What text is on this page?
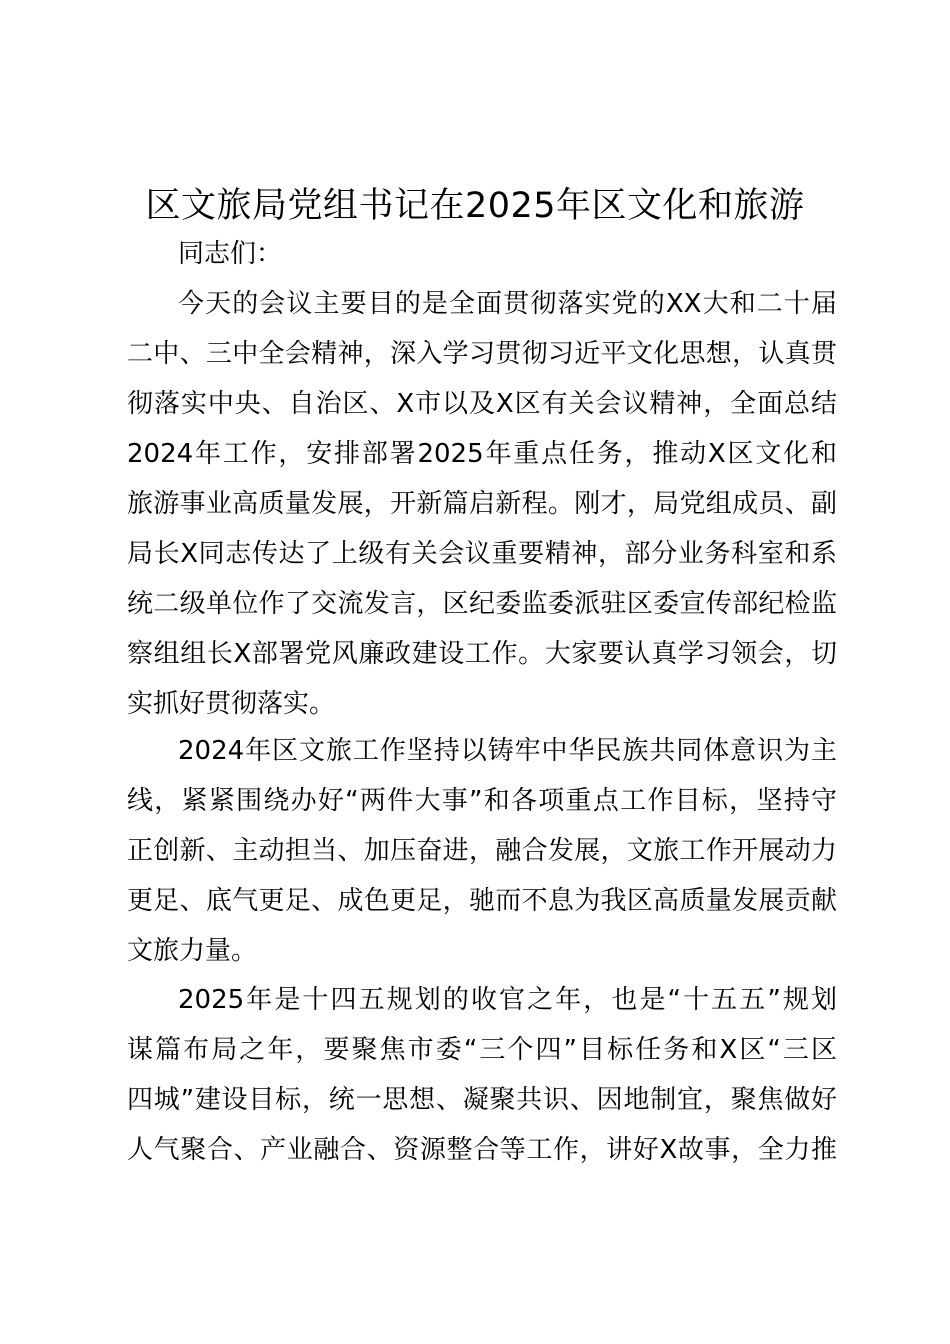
区文旅局党组书记在2025年区文化和旅游

同志们：

今天的会议主要目的是全面贯彻落实党的XX大和二十届
二中、三中全会精神，深入学习贯彻习近平文化思想，认真贯
彻落实中央、自治区、X市以及X区有关会议精神，全面总结
2024年工作，安排部署2025年重点任务，推动X区文化和
旅游事业高质量发展，开新篇启新程。刚才，局党组成员、副
局长X同志传达了上级有关会议重要精神，部分业务科室和系
统二级单位作了交流发言，区纪委监委派驻区委宣传部纪检监
察组组长X部署党风廉政建设工作。大家要认真学习领会，切
实抓好贯彻落实。
2024年区文旅工作坚持以铸牢中华民族共同体意识为主
线，紧紧围绕办好“两件大事”和各项重点工作目标，坚持守
正创新、主动担当、加压奋进，融合发展，文旅工作开展动力
更足、底气更足、成色更足，驰而不息为我区高质量发展贡献
文旅力量。
2025年是十四五规划的收官之年，也是“十五五”规划
谋篇布局之年，要聚焦市委“三个四”目标任务和X区“三区
四城”建设目标，统一思想、凝聚共识、因地制宜，聚焦做好
人气聚合、产业融合、资源整合等工作，讲好X故事，全力推
